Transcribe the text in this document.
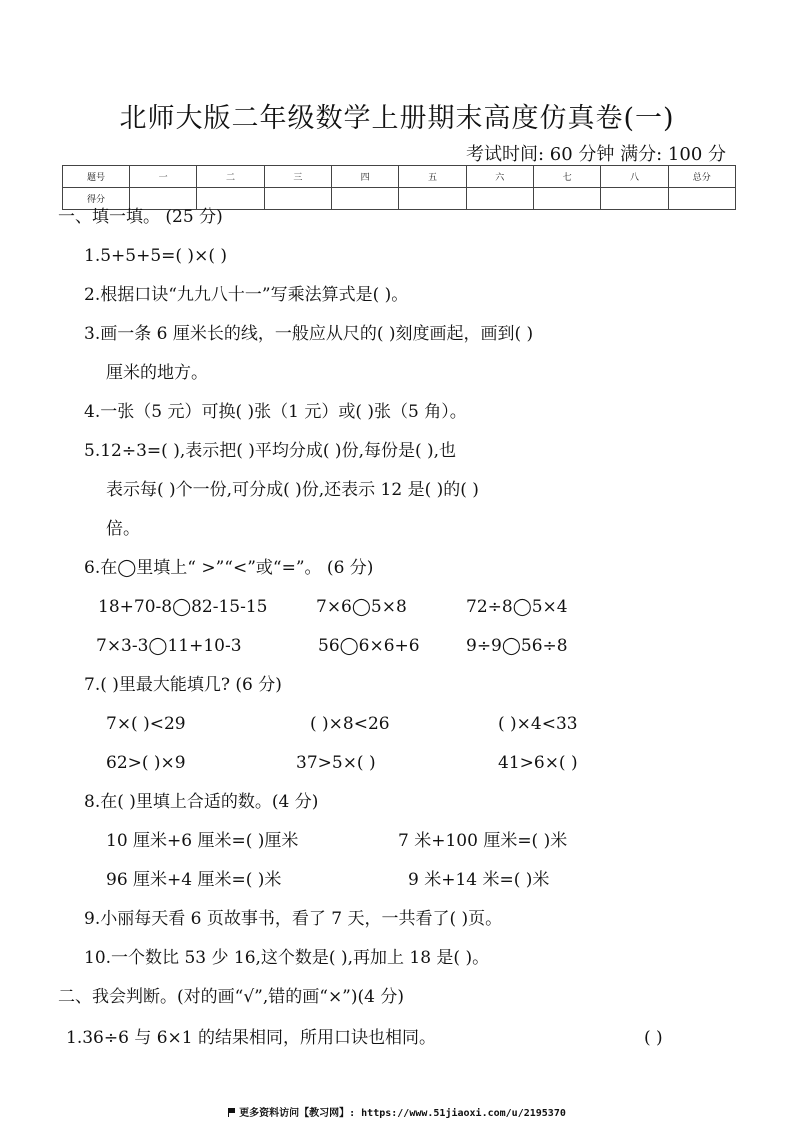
北师大版二年级数学上册期末高度仿真卷(一)
考试时间: 60 分钟 满分: 100 分
题号	一	二	三	四	五	六	七	八	总分
得分									
一、填一填。 (25 分)
1.5+5+5=( )×( )
2.根据口诀“九九八十一”写乘法算式是( )。
3.画一条 6 厘米长的线，一般应从尺的( )刻度画起，画到( )
厘米的地方。
4.一张（5 元）可换( )张（1 元）或( )张（5 角）。
5.12÷3=( ),表示把( )平均分成( )份,每份是( ),也
表示每( )个一份,可分成( )份,还表示 12 是( )的( )
倍。
6.在◯里填上“ >”“<”或“=”。 (6 分)
18+70-8◯82-15-15	7×6◯5×8	72÷8◯5×4
7×3-3◯11+10-3	56◯6×6+6	9÷9◯56÷8
7.( )里最大能填几? (6 分)
7×( )<29	( )×8<26	( )×4<33
62>( )×9	37>5×( )	41>6×( )
8.在( )里填上合适的数。(4 分)
10 厘米+6 厘米=( )厘米	7 米+100 厘米=( )米
96 厘米+4 厘米=( )米	9 米+14 米=( )米
9.小丽每天看 6 页故事书，看了 7 天，一共看了( )页。
10.一个数比 53 少 16,这个数是( ),再加上 18 是( )。
二、我会判断。(对的画“√”,错的画“×”)(4 分)
1.36÷6 与 6×1 的结果相同，所用口诀也相同。	( )
更多资料访问【教习网】: https://www.51jiaoxi.com/u/2195370
